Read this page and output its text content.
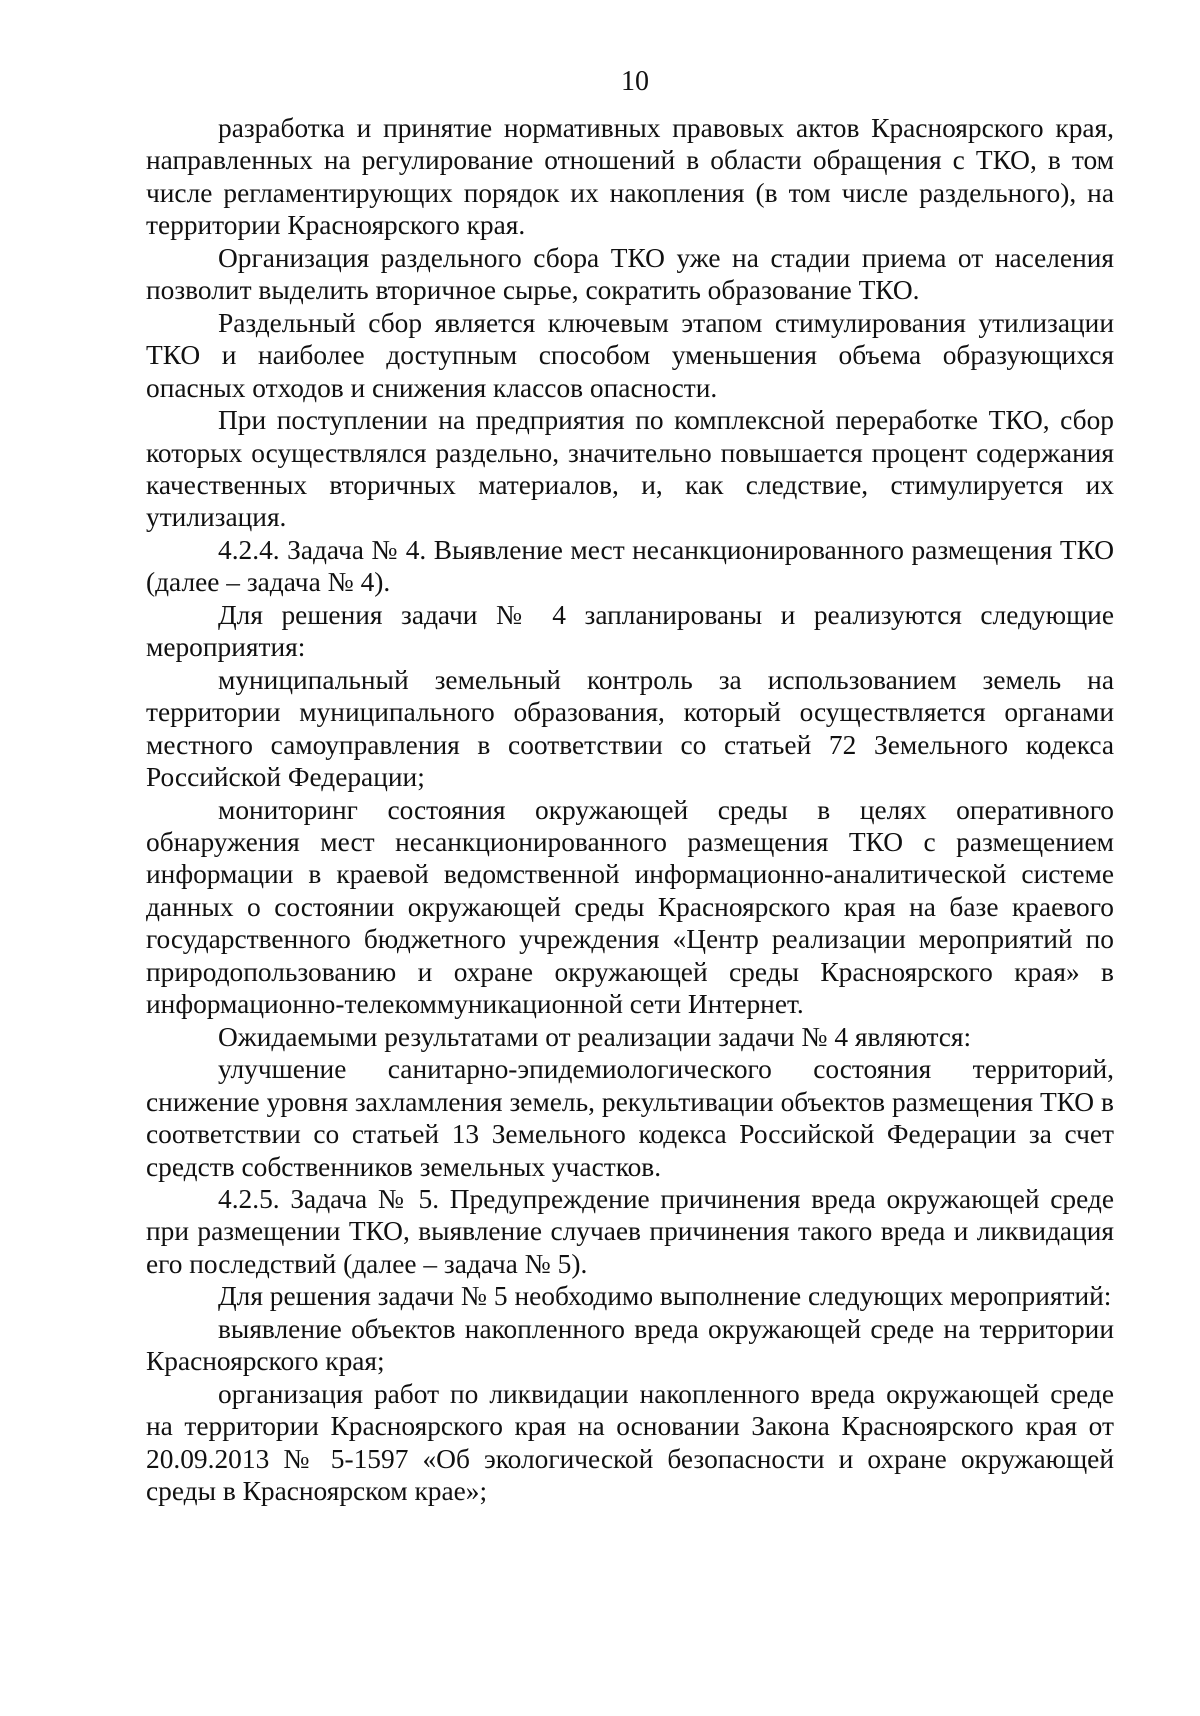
10

разработка и принятие нормативных правовых актов Красноярского края, направленных на регулирование отношений в области обращения с ТКО, в том числе регламентирующих порядок их накопления (в том числе раздельного), на территории Красноярского края.

Организация раздельного сбора ТКО уже на стадии приема от населения позволит выделить вторичное сырье, сократить образование ТКО.

Раздельный сбор является ключевым этапом стимулирования утилизации ТКО и наиболее доступным способом уменьшения объема образующихся опасных отходов и снижения классов опасности.

При поступлении на предприятия по комплексной переработке ТКО, сбор которых осуществлялся раздельно, значительно повышается процент содержания качественных вторичных материалов, и, как следствие, стимулируется их утилизация.

4.2.4. Задача № 4. Выявление мест несанкционированного размещения ТКО (далее – задача № 4).

Для решения задачи № 4 запланированы и реализуются следующие мероприятия:

муниципальный земельный контроль за использованием земель на территории муниципального образования, который осуществляется органами местного самоуправления в соответствии со статьей 72 Земельного кодекса Российской Федерации;

мониторинг состояния окружающей среды в целях оперативного обнаружения мест несанкционированного размещения ТКО с размещением информации в краевой ведомственной информационно-аналитической системе данных о состоянии окружающей среды Красноярского края на базе краевого государственного бюджетного учреждения «Центр реализации мероприятий по природопользованию и охране окружающей среды Красноярского края» в информационно-телекоммуникационной сети Интернет.

Ожидаемыми результатами от реализации задачи № 4 являются:

улучшение санитарно-эпидемиологического состояния территорий, снижение уровня захламления земель, рекультивации объектов размещения ТКО в соответствии со статьей 13 Земельного кодекса Российской Федерации за счет средств собственников земельных участков.

4.2.5. Задача № 5. Предупреждение причинения вреда окружающей среде при размещении ТКО, выявление случаев причинения такого вреда и ликвидация его последствий (далее – задача № 5).

Для решения задачи № 5 необходимо выполнение следующих мероприятий:

выявление объектов накопленного вреда окружающей среде на территории Красноярского края;

организация работ по ликвидации накопленного вреда окружающей среде на территории Красноярского края на основании Закона Красноярского края от 20.09.2013 № 5-1597 «Об экологической безопасности и охране окружающей среды в Красноярском крае»;
